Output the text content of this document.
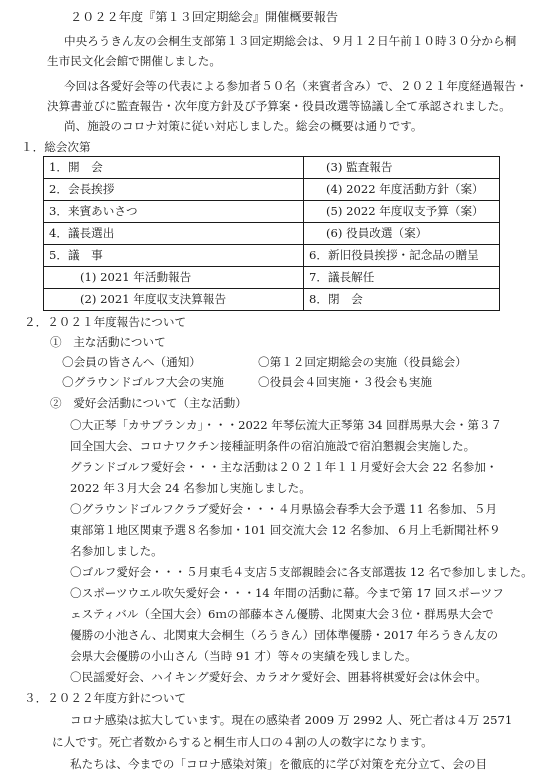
２０２２年度『第１３回定期総会』開催概要報告
中央ろうきん友の会桐生支部第１３回定期総会は、９月１２日午前１０時３０分から桐
生市民文化会館で開催しました。
今回は各愛好会等の代表による参加者５０名（来賓者含み）で、２０２１年度経過報告・
決算書並びに監査報告・次年度方針及び予算案・役員改選等協議し全て承認されました。
尚、施設のコロナ対策に従い対応しました。総会の概要は通りです。
１．総会次第
1．開　会	(3) 監査報告
2．会長挨拶	(4) 2022 年度活動方針（案）
3．来賓あいさつ	(5) 2022 年度収支予算（案）
4．議長選出	(6) 役員改選（案）
5．議　事	6．新旧役員挨拶・記念品の贈呈
(1) 2021 年活動報告	7．議長解任
(2) 2021 年度収支決算報告	8．閉　会
２．２０２１年度報告について
①　主な活動について
〇会員の皆さんへ（通知）	〇第１２回定期総会の実施（役員総会）
〇グラウンドゴルフ大会の実施	〇役員会４回実施・３役会も実施
②　愛好会活動について（主な活動）
〇大正琴「カサブランカ」・・・2022 年琴伝流大正琴第 34 回群馬県大会・第３７
回全国大会、コロナワクチン接種証明条件の宿泊施設で宿泊懇親会実施した。
グランドゴルフ愛好会・・・主な活動は２０２１年１１月愛好会大会 22 名参加・
2022 年３月大会 24 名参加し実施しました。
〇グラウンドゴルフクラブ愛好会・・・４月県協会春季大会予選 11 名参加、５月
東部第１地区関東予選８名参加・101 回交流大会 12 名参加、６月上毛新聞社杯９
名参加しました。
〇ゴルフ愛好会・・・５月東毛４支店５支部親睦会に各支部選抜 12 名で参加しました。
〇スポーツウエル吹矢愛好会・・・14 年間の活動に幕。今まで第 17 回スポーツフ
ェスティバル（全国大会）6ｍの部藤本さん優勝、北関東大会３位・群馬県大会で
優勝の小池さん、北関東大会桐生（ろうきん）団体準優勝・2017 年ろうきん友の
会県大会優勝の小山さん（当時 91 才）等々の実績を残しました。
〇民謡愛好会、ハイキング愛好会、カラオケ愛好会、囲碁将棋愛好会は休会中。
３．２０２２年度方針について
コロナ感染は拡大しています。現在の感染者 2009 万 2992 人、死亡者は４万 2571
に人です。死亡者数からすると桐生市人口の４割の人の数字になります。
私たちは、今までの「コロナ感染対策」を徹底的に学び対策を充分立て、会の目
